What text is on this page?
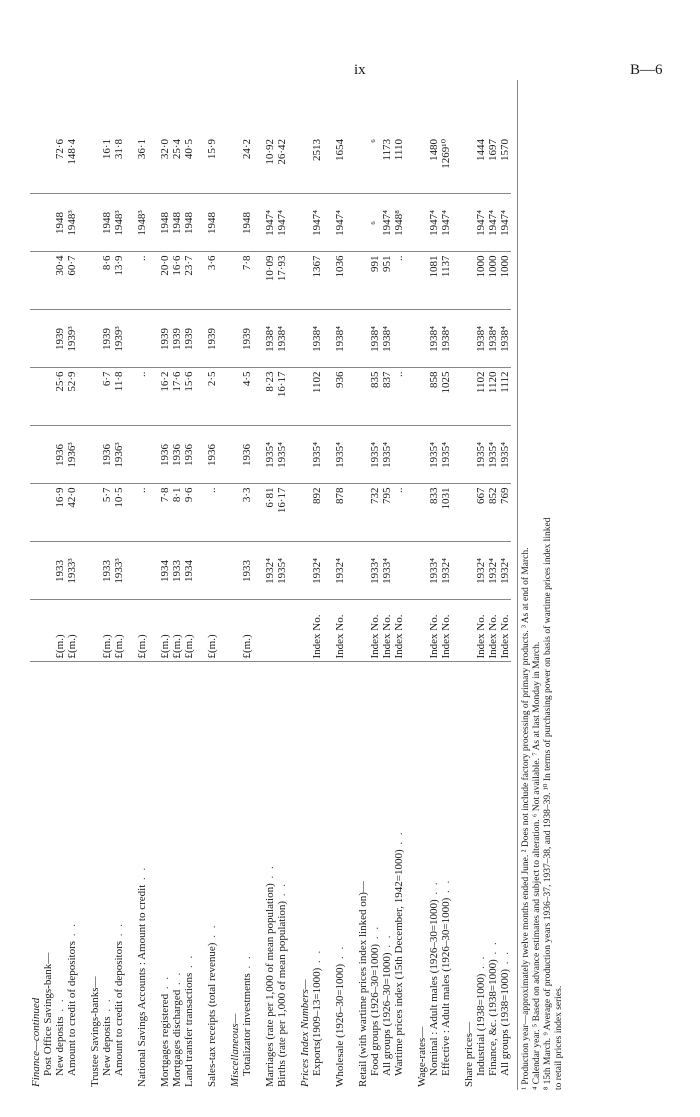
ix	B—6
Finance—continued									
Post Office Savings-bank—									
New deposits . .	£(m.)	1933	16·9	1936	25·6	1939	30·4	1948	72·6
Amount to credit of depositors . .	£(m.)	1933³	42·0	1936³	52·9	1939³	60·7	1948³	148·4

Trustee Savings-banks—									
New deposits . .	£(m.)	1933	5·7	1936	6·7	1939	8·6	1948	16·1
Amount to credit of depositors . .	£(m.)	1933³	10·5	1936³	11·8	1939³	13·9	1948³	31·8

National Savings Accounts : Amount to credit . .	£(m.)		..		..		..	1948³	36·1

Mortgages registered . .	£(m.)	1934	7·8	1936	16·2	1939	20·0	1948	32·0
Mortgages discharged . .	£(m.)	1933	8·1	1936	17·6	1939	16·6	1948	25·4
Land transfer transactions . .	£(m.)	1934	9·6	1936	15·6	1939	23·7	1948	40·5

Sales-tax receipts (total revenue) . .	£(m.)		..	1936	2·5	1939	3·6	1948	15·9

Miscellaneous—									
Totalizator investments . .	£(m.)	1933	3·3	1936	4·5	1939	7·8	1948	24·2

Marriages (rate per 1,000 of mean population) . .		1932⁴	6·81	1935⁴	8·23	1938⁴	10·09	1947⁴	10·92
Births (rate per 1,000 of mean population) . .		1935⁴	16·17	1935⁴	16·17	1938⁴	17·93	1947⁴	26·42

Prices Index Numbers—									
Exports(1909–13=1000) . .	Index No.	1932⁴	892	1935⁴	1102	1938⁴	1367	1947⁴	2513

Wholesale (1926–30=1000) . .	Index No.	1932⁴	878	1935⁴	936	1938⁴	1036	1947⁴	1654

Retail (with wartime prices index linked on)—									
Food groups (1926–30=1000) . .	Index No.	1933⁴	732	1935⁴	835	1938⁴	991	⁶	⁶
All groups (1926–30=1000) . .	Index No.	1933⁴	795	1935⁴	837	1938⁴	951	1947⁴	1173
Wartime prices index (15th December, 1942=1000) . .	Index No.		..		..		..	1948⁸	1110

Wage-rates—									
Nominal : Adult males (1926–30=1000) . .	Index No.	1933⁴	833	1935⁴	858	1938⁴	1081	1947⁴	1480
Effective : Adult males (1926–30=1000) . .	Index No.	1932⁴	1031	1935⁴	1025	1938⁴	1137	1947⁴	1269¹⁰

Share prices—									
Industrial (1938=1000) . .	Index No.	1932⁴	667	1935⁴	1102	1938⁴	1000	1947⁴	1444
Finance, &c. (1938=1000) . .	Index No.	1932⁴	852	1935⁴	1120	1938⁴	1000	1947⁴	1697
All groups (1938=1000) . .	Index No.	1932⁴	769	1935⁴	1112	1938⁴	1000	1947⁴	1570
¹ Production year—approximately twelve months ended June. ² Does not include factory processing of primary products. ³ As at end of March. ⁴ Calendar year. ⁵ Based on advance estimates and subject to alteration. ⁶ Not available. ⁷ As at last Monday in March. ⁸ 15th March. ⁹ Average of production years 1936–37, 1937–38, and 1938–39. ¹⁰ In terms of purchasing power on basis of wartime prices index linked to retail prices index series.
